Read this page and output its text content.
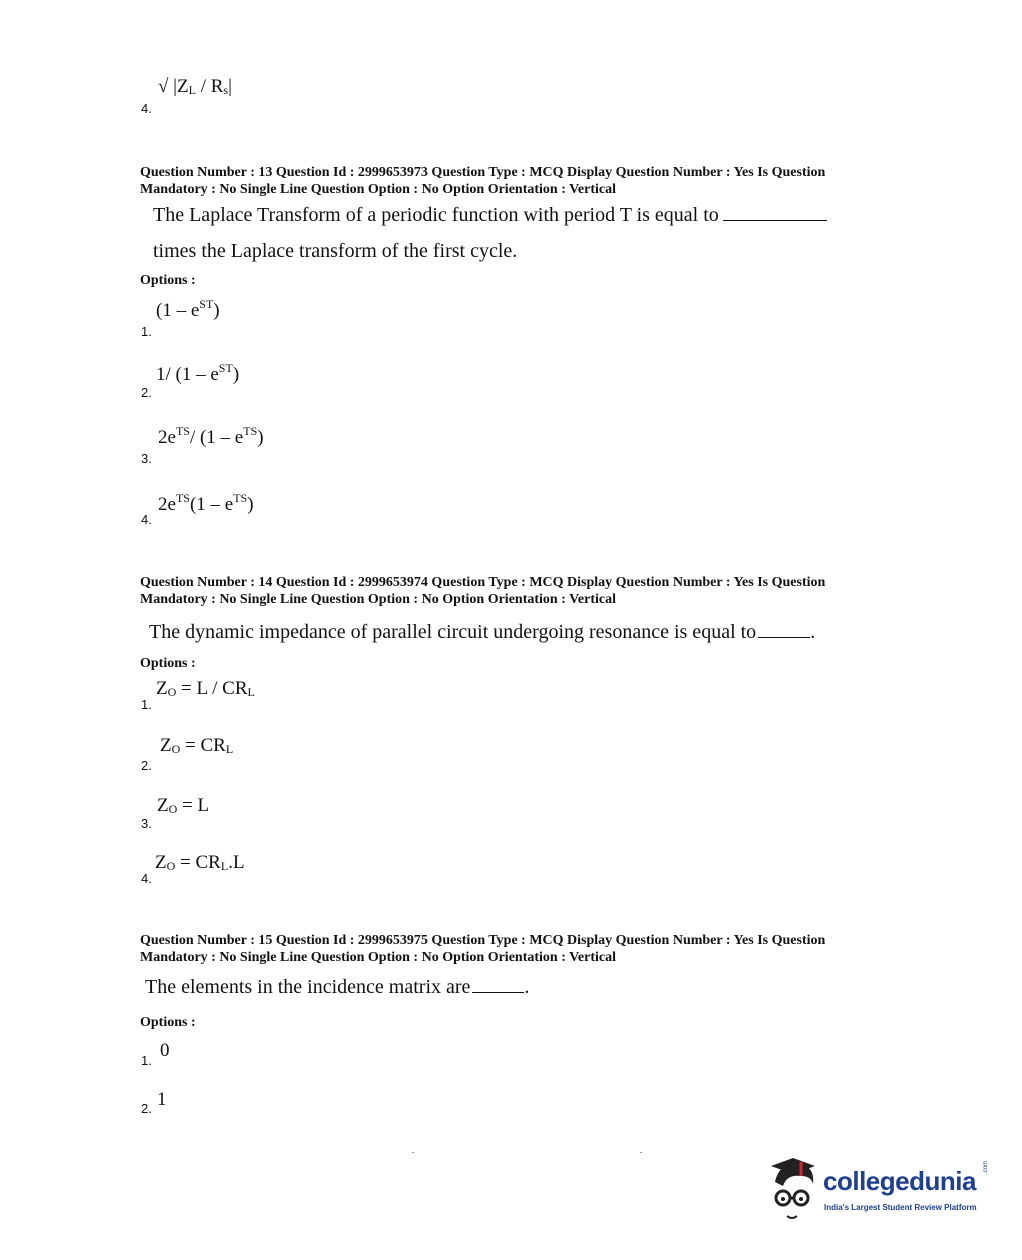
√ $|Z_L / R_s|$
4.
Question Number : 13 Question Id : 2999653973 Question Type : MCQ Display Question Number : Yes Is Question
Mandatory : No Single Line Question Option : No Option Orientation : Vertical
The Laplace Transform of a periodic function with period T is equal to
times the Laplace transform of the first cycle.
Options :
$(1 - e^{ST})$
1.
1/ $(1 - e^{ST})$
2.
$2e^{TS}/$ $(1 - e^{TS})$
3.
$2e^{TS}(1 - e^{TS})$
4.
Question Number : 14 Question Id : 2999653974 Question Type : MCQ Display Question Number : Yes Is Question
Mandatory : No Single Line Question Option : No Option Orientation : Vertical
The dynamic impedance of parallel circuit undergoing resonance is equal to	.
Options :
$Z_O = L / CR_L$
1.
$Z_O = CR_L$
2.
$Z_O = L$
3.
$Z_O = CR_L.L$
4.
Question Number : 15 Question Id : 2999653975 Question Type : MCQ Display Question Number : Yes Is Question
Mandatory : No Single Line Question Option : No Option Orientation : Vertical
The elements in the incidence matrix are	.
Options :
0
1.
1
2.
collegedunia .com
India's Largest Student Review Platform
